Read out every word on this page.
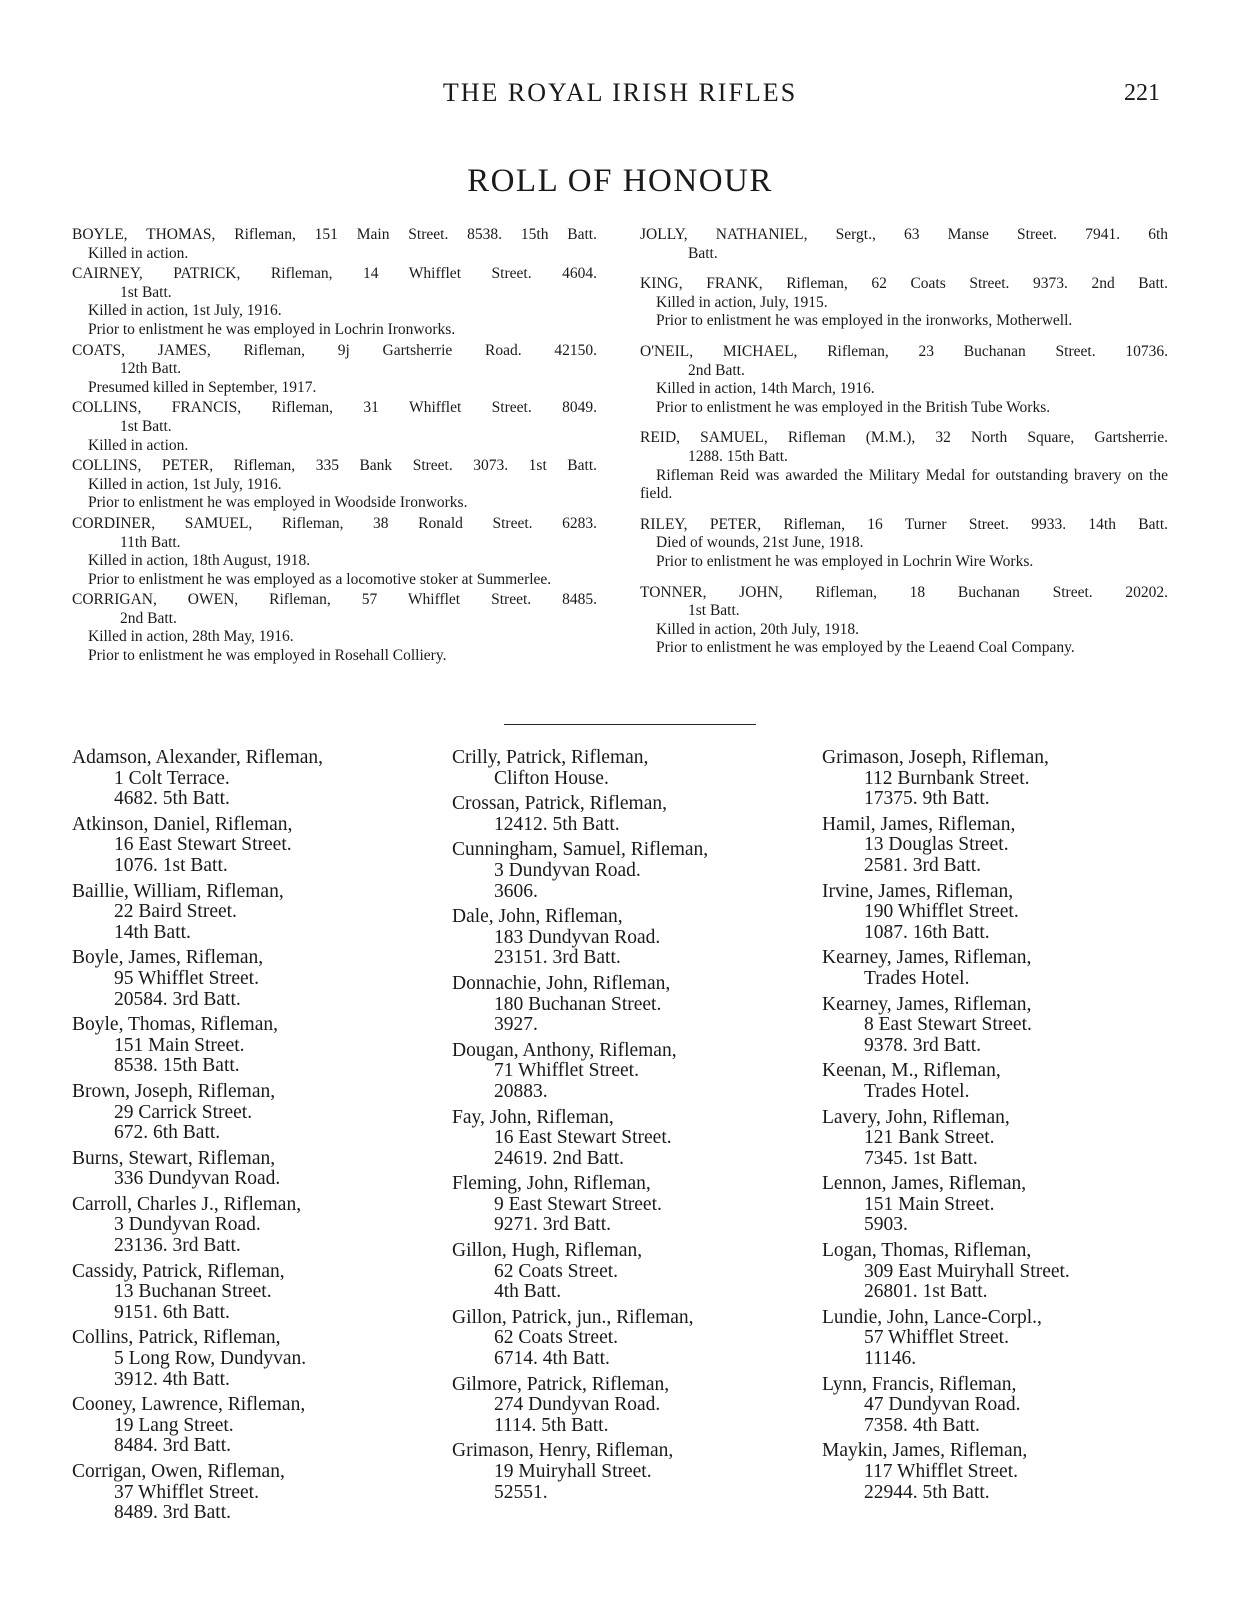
THE ROYAL IRISH RIFLES	221
ROLL OF HONOUR
BOYLE, THOMAS, Rifleman, 151 Main Street. 8538. 15th Batt.
Killed in action.
CAIRNEY, PATRICK, Rifleman, 14 Whifflet Street. 4604.
1st Batt.
Killed in action, 1st July, 1916.
Prior to enlistment he was employed in Lochrin Ironworks.
COATS, JAMES, Rifleman, 9j Gartsherrie Road. 42150.
12th Batt.
Presumed killed in September, 1917.
COLLINS, FRANCIS, Rifleman, 31 Whifflet Street. 8049.
1st Batt.
Killed in action.
COLLINS, PETER, Rifleman, 335 Bank Street. 3073. 1st Batt.
Killed in action, 1st July, 1916.
Prior to enlistment he was employed in Woodside Ironworks.
CORDINER, SAMUEL, Rifleman, 38 Ronald Street. 6283.
11th Batt.
Killed in action, 18th August, 1918.
Prior to enlistment he was employed as a locomotive stoker at Summerlee.
CORRIGAN, OWEN, Rifleman, 57 Whifflet Street. 8485.
2nd Batt.
Killed in action, 28th May, 1916.
Prior to enlistment he was employed in Rosehall Colliery.
JOLLY, NATHANIEL, Sergt., 63 Manse Street. 7941. 6th
Batt.
KING, FRANK, Rifleman, 62 Coats Street. 9373. 2nd Batt.
Killed in action, July, 1915.
Prior to enlistment he was employed in the ironworks, Motherwell.
O'NEIL, MICHAEL, Rifleman, 23 Buchanan Street. 10736.
2nd Batt.
Killed in action, 14th March, 1916.
Prior to enlistment he was employed in the British Tube Works.
REID, SAMUEL, Rifleman (M.M.), 32 North Square, Gartsherrie.
1288. 15th Batt.
Rifleman Reid was awarded the Military Medal for outstanding bravery on the field.
RILEY, PETER, Rifleman, 16 Turner Street. 9933. 14th Batt.
Died of wounds, 21st June, 1918.
Prior to enlistment he was employed in Lochrin Wire Works.
TONNER, JOHN, Rifleman, 18 Buchanan Street. 20202.
1st Batt.
Killed in action, 20th July, 1918.
Prior to enlistment he was employed by the Leaend Coal Company.
Adamson, Alexander, Rifleman,
1 Colt Terrace.
4682. 5th Batt.
Atkinson, Daniel, Rifleman,
16 East Stewart Street.
1076. 1st Batt.
Baillie, William, Rifleman,
22 Baird Street.
14th Batt.
Boyle, James, Rifleman,
95 Whifflet Street.
20584. 3rd Batt.
Boyle, Thomas, Rifleman,
151 Main Street.
8538. 15th Batt.
Brown, Joseph, Rifleman,
29 Carrick Street.
672. 6th Batt.
Burns, Stewart, Rifleman,
336 Dundyvan Road.
Carroll, Charles J., Rifleman,
3 Dundyvan Road.
23136. 3rd Batt.
Cassidy, Patrick, Rifleman,
13 Buchanan Street.
9151. 6th Batt.
Collins, Patrick, Rifleman,
5 Long Row, Dundyvan.
3912. 4th Batt.
Cooney, Lawrence, Rifleman,
19 Lang Street.
8484. 3rd Batt.
Corrigan, Owen, Rifleman,
37 Whifflet Street.
8489. 3rd Batt.
Crilly, Patrick, Rifleman,
Clifton House.
Crossan, Patrick, Rifleman,
12412. 5th Batt.
Cunningham, Samuel, Rifleman,
3 Dundyvan Road.
3606.
Dale, John, Rifleman,
183 Dundyvan Road.
23151. 3rd Batt.
Donnachie, John, Rifleman,
180 Buchanan Street.
3927.
Dougan, Anthony, Rifleman,
71 Whifflet Street.
20883.
Fay, John, Rifleman,
16 East Stewart Street.
24619. 2nd Batt.
Fleming, John, Rifleman,
9 East Stewart Street.
9271. 3rd Batt.
Gillon, Hugh, Rifleman,
62 Coats Street.
4th Batt.
Gillon, Patrick, jun., Rifleman,
62 Coats Street.
6714. 4th Batt.
Gilmore, Patrick, Rifleman,
274 Dundyvan Road.
1114. 5th Batt.
Grimason, Henry, Rifleman,
19 Muiryhall Street.
52551.
Grimason, Joseph, Rifleman,
112 Burnbank Street.
17375. 9th Batt.
Hamil, James, Rifleman,
13 Douglas Street.
2581. 3rd Batt.
Irvine, James, Rifleman,
190 Whifflet Street.
1087. 16th Batt.
Kearney, James, Rifleman,
Trades Hotel.
Kearney, James, Rifleman,
8 East Stewart Street.
9378. 3rd Batt.
Keenan, M., Rifleman,
Trades Hotel.
Lavery, John, Rifleman,
121 Bank Street.
7345. 1st Batt.
Lennon, James, Rifleman,
151 Main Street.
5903.
Logan, Thomas, Rifleman,
309 East Muiryhall Street.
26801. 1st Batt.
Lundie, John, Lance-Corpl.,
57 Whifflet Street.
11146.
Lynn, Francis, Rifleman,
47 Dundyvan Road.
7358. 4th Batt.
Maykin, James, Rifleman,
117 Whifflet Street.
22944. 5th Batt.
